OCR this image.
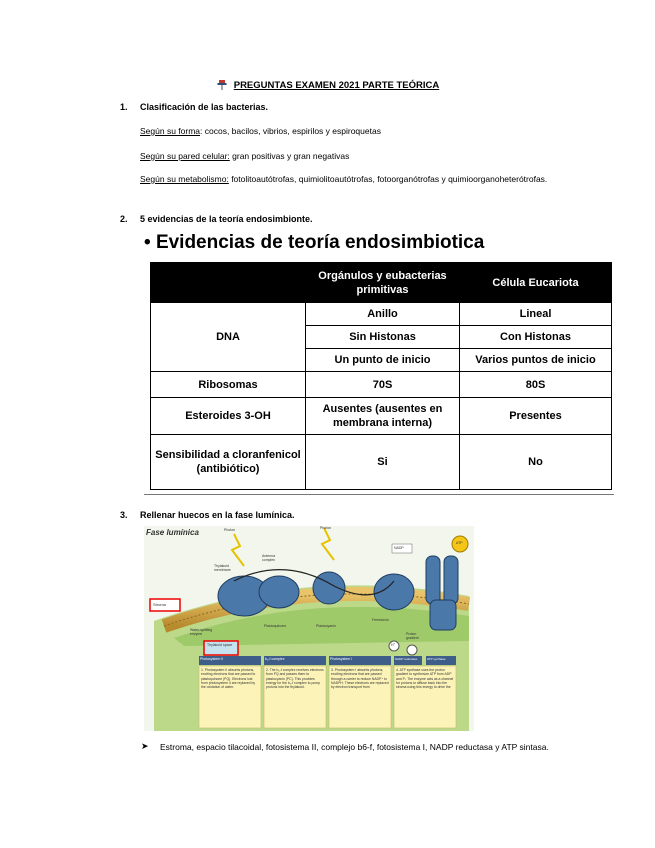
PREGUNTAS EXAMEN 2021 PARTE TEÓRICA
1. Clasificación de las bacterias.
Según su forma: cocos, bacilos, vibrios, espirilos y espiroquetas
Según su pared celular: gran positivas y gran negativas
Según su metabolismo: fotolitoautótrofas, quimiolitoautótrofas, fotoorganótrofas y quimioorganoheterótrofas.
2. 5 evidencias de la teoría endosimbionte.
• Evidencias de teoría endosimbiotica
	Orgánulos y eubacterias primitivas	Célula Eucariota
DNA	Anillo	Lineal
	Sin Histonas	Con Histonas
	Un punto de inicio	Varios puntos de inicio
Ribosomas	70S	80S
Esteroides 3-OH	Ausentes (ausentes en membrana interna)	Presentes
Sensibilidad a cloranfenicol (antibiótico)	Si	No
3. Rellenar huecos en la fase lumínica.
Fase lumínica	Photon	Photon
Thylakoid membrane
Antenna complex
NADP
ATP
Stroma
Thylakoid space
Plastoquinone	Plastocyanin
Ferredoxin
Proton gradient
Water-splitting enzyme
H⁺
Photosystem II	b₆-f complex	Photosystem I	NADP reductase	ATP synthase
1. Photosystem II absorbs photons, exciting electrons that are passed to plastoquinone (PQ). Electrons lost from photosystem II are replaced by the oxidation of water.
2. The b₆-f complex receives electrons from PQ and passes them to plastocyanin (PC). This provides energy for the b₆-f complex to pump protons into the thylakoid.
3. Photosystem I absorbs photons, exciting electrons that are passed through a carrier to reduce NADP⁺ to NADPH. These electrons are replaced by electron transport from
4. ATP synthase uses the proton gradient to synthesize ATP from ADP and Pᵢ. The enzyme acts as a channel for protons to diffuse back into the stroma using this energy to drive the
➤ Estroma, espacio tilacoidal, fotosistema II, complejo b6-f, fotosistema I, NADP reductasa y ATP sintasa.
